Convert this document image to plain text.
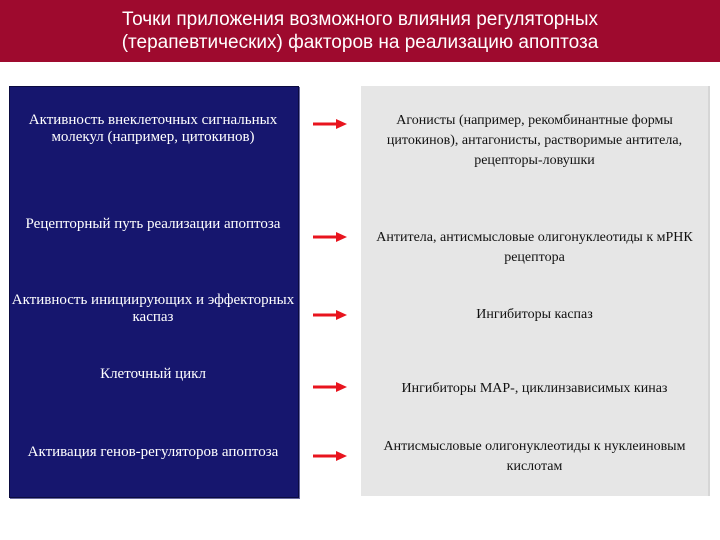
Точки приложения возможного влияния регуляторных (терапевтических) факторов на реализацию апоптоза
Активность внеклеточных сигнальных молекул (например, цитокинов)
Агонисты (например, рекомбинантные формы цитокинов), антагонисты, растворимые антитела, рецепторы-ловушки
Рецепторный путь реализации апоптоза
Антитела, антисмысловые олигонуклеотиды к мРНК рецептора
Активность инициирующих и эффекторных каспаз	Ингибиторы каспаз
Клеточный цикл
Ингибиторы MAP-, циклинзависимых киназ
Активация генов-регуляторов апоптоза	Антисмысловые олигонуклеотиды к нуклеиновым кислотам
